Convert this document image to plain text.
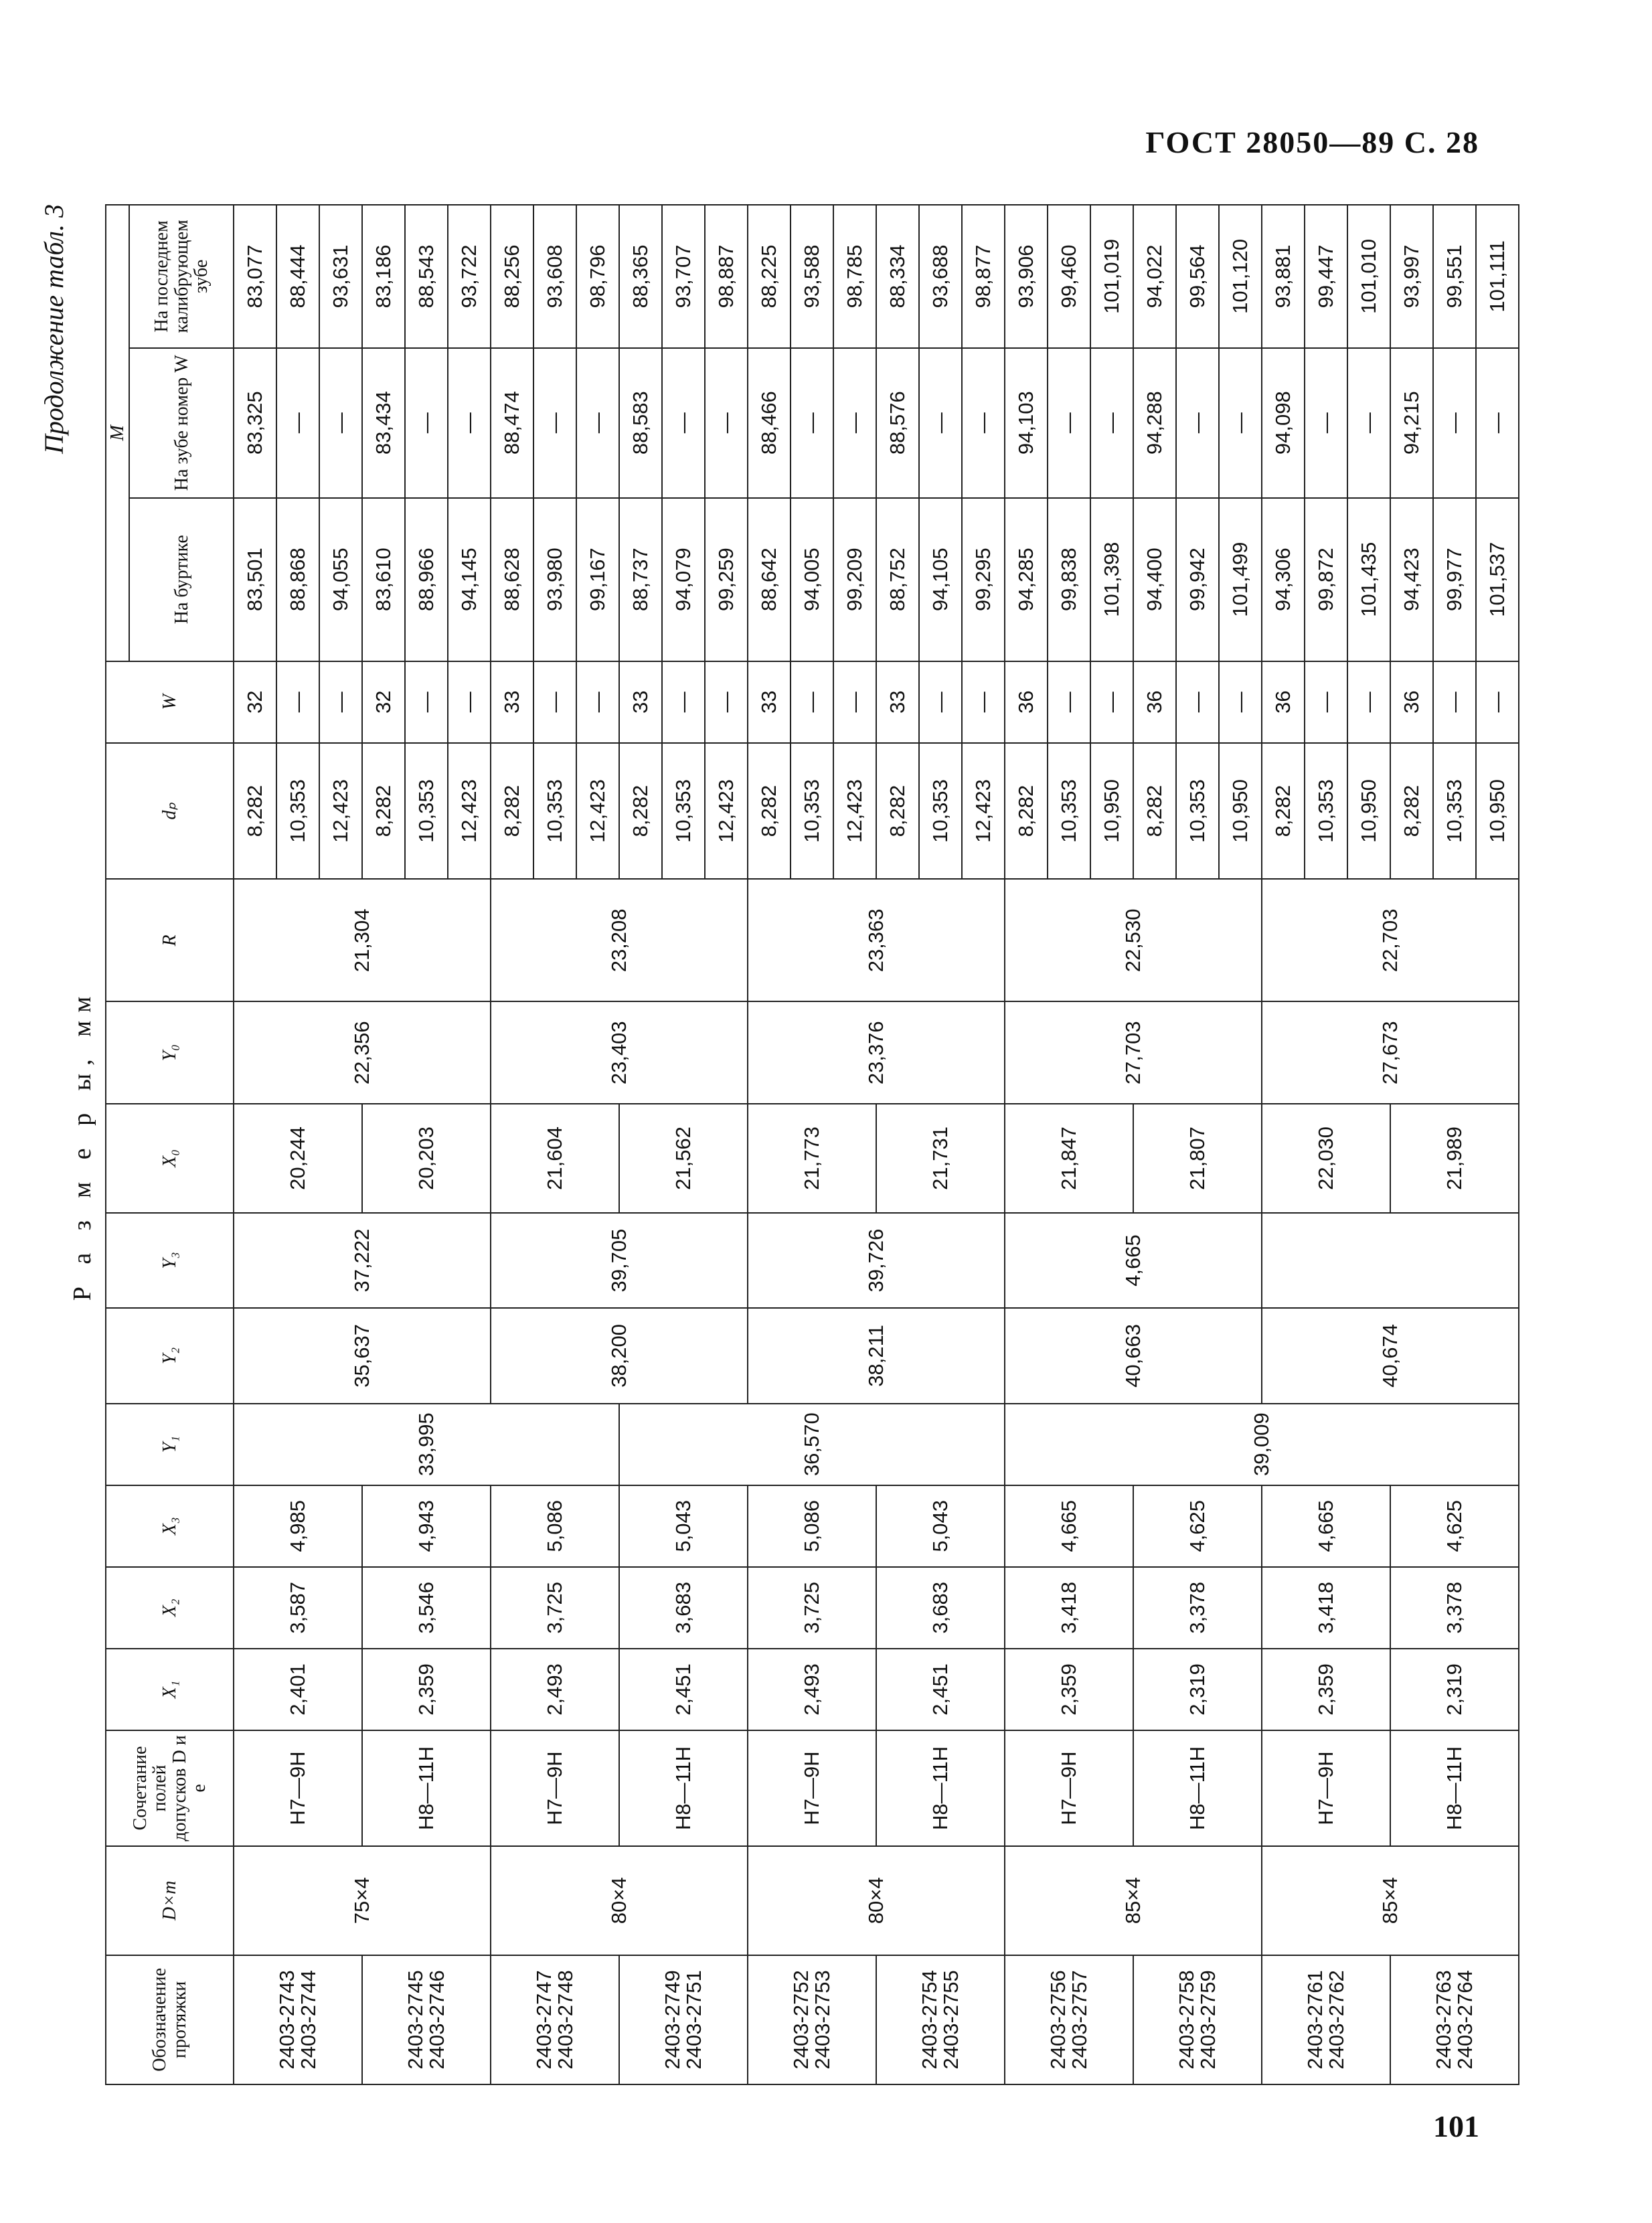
ГОСТ 28050—89 С. 28
Продолжение табл. 3
Р а з м е р ы, мм
Обозначение протяжки	D×m	Сочетание полей допусков D и e	X₁	X₂	X₃	Y₁	Y₂	Y₃	X₀	Y₀	R	dₚ	W	M		
														На буртике	На зубе номер W	На последнем калибрующем зубе
2403-2743
2403-2744	75×4	H7—9H	2,401	3,587	4,985	33,995	35,637	37,222	20,244	22,356	21,304	8,282	32	83,501	83,325	83,077
												10,353	—	88,868	—	88,444
												12,423	—	94,055	—	93,631
2403-2745
2403-2746		H8—11H	2,359	3,546	4,943				20,203			8,282	32	83,610	83,434	83,186
												10,353	—	88,966	—	88,543
												12,423	—	94,145	—	93,722
2403-2747
2403-2748	80×4	H7—9H	2,493	3,725	5,086		38,200	39,705	21,604	23,403	23,208	8,282	33	88,628	88,474	88,256
												10,353	—	93,980	—	93,608
												12,423	—	99,167	—	98,796
2403-2749
2403-2751		H8—11H	2,451	3,683	5,043	36,570			21,562			8,282	33	88,737	88,583	88,365
												10,353	—	94,079	—	93,707
												12,423	—	99,259	—	98,887
2403-2752
2403-2753	80×4	H7—9H	2,493	3,725	5,086		38,211	39,726	21,773	23,376	23,363	8,282	33	88,642	88,466	88,225
												10,353	—	94,005	—	93,588
												12,423	—	99,209	—	98,785
2403-2754
2403-2755		H8—11H	2,451	3,683	5,043				21,731			8,282	33	88,752	88,576	88,334
												10,353	—	94,105	—	93,688
												12,423	—	99,295	—	98,877
2403-2756
2403-2757	85×4	H7—9H	2,359	3,418	4,665	39,009	40,663	4,665	21,847	27,703	22,530	8,282	36	94,285	94,103	93,906
												10,353	—	99,838	—	99,460
												10,950	—	101,398	—	101,019
2403-2758
2403-2759		H8—11H	2,319	3,378	4,625				21,807			8,282	36	94,400	94,288	94,022
												10,353	—	99,942	—	99,564
												10,950	—	101,499	—	101,120
2403-2761
2403-2762	85×4	H7—9H	2,359	3,418	4,665		40,674		22,030	27,673	22,703	8,282	36	94,306	94,098	93,881
												10,353	—	99,872	—	99,447
												10,950	—	101,435	—	101,010
2403-2763
2403-2764		H8—11H	2,319	3,378	4,625				21,989			8,282	36	94,423	94,215	93,997
												10,353	—	99,977	—	99,551
												10,950	—	101,537	—	101,111
101
